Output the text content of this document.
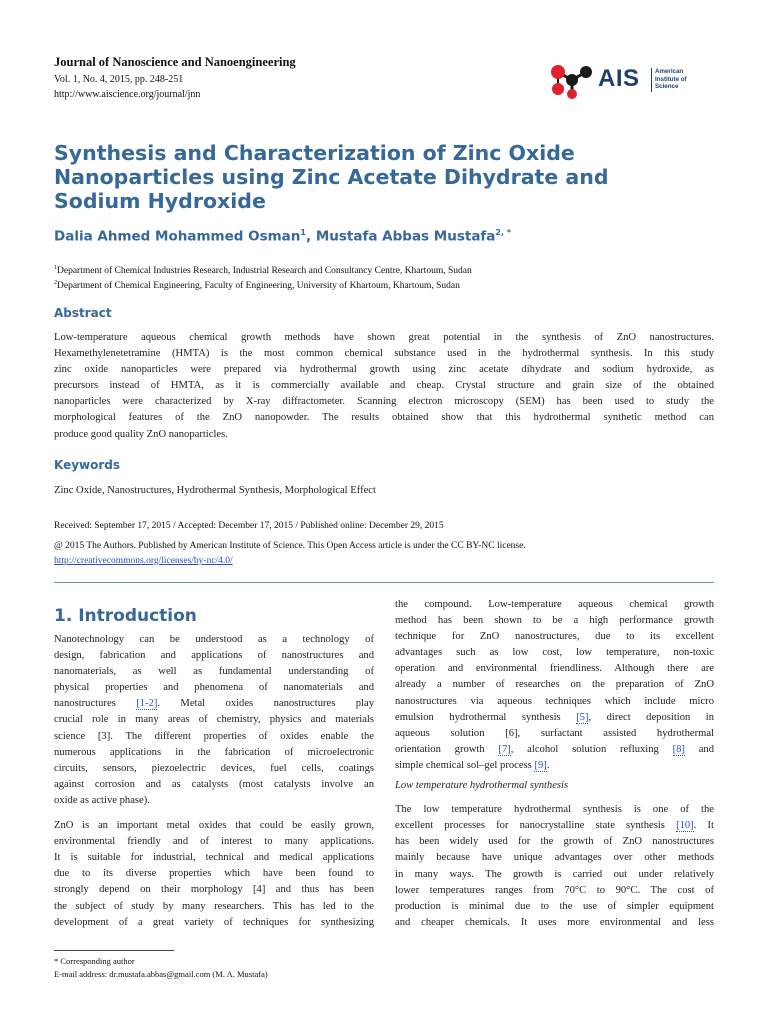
Journal of Nanoscience and Nanoengineering
Vol. 1, No. 4, 2015, pp. 248-251
http://www.aiscience.org/journal/jnn
AIS American
Institute of
Science
Synthesis and Characterization of Zinc Oxide
Nanoparticles using Zinc Acetate Dihydrate and
Sodium Hydroxide
Dalia Ahmed Mohammed Osman$^1$, Mustafa Abbas Mustafa$^{2, *}$
$^1$Department of Chemical Industries Research, Industrial Research and Consultancy Centre, Khartoum, Sudan
$^2$Department of Chemical Engineering, Faculty of Engineering, University of Khartoum, Khartoum, Sudan
Abstract
Low-temperature aqueous chemical growth methods have shown great potential in the synthesis of ZnO nanostructures.
Hexamethylenetetramine (HMTA) is the most common chemical substance used in the hydrothermal synthesis. In this study
zinc oxide nanoparticles were prepared via hydrothermal growth using zinc acetate dihydrate and sodium hydroxide, as
precursors instead of HMTA, as it is commercially available and cheap. Crystal structure and grain size of the obtained
nanoparticles were characterized by X-ray diffractometer. Scanning electron microscopy (SEM) has been used to study the
morphological features of the ZnO nanopowder. The results obtained show that this hydrothermal synthetic method can
produce good quality ZnO nanoparticles.
Keywords
Zinc Oxide, Nanostructures, Hydrothermal Synthesis, Morphological Effect
Received: September 17, 2015 / Accepted: December 17, 2015 / Published online: December 29, 2015
@ 2015 The Authors. Published by American Institute of Science. This Open Access article is under the CC BY-NC license.
http://creativecommons.org/licenses/by-nc/4.0/
1. Introduction
Nanotechnology can be understood as a technology of
design, fabrication and applications of nanostructures and
nanomaterials, as well as fundamental understanding of
physical properties and phenomena of nanomaterials and
nanostructures [1-2]. Metal oxides nanostructures play
crucial role in many areas of chemistry, physics and materials
science [3]. The different properties of oxides enable the
numerous applications in the fabrication of microelectronic
circuits, sensors, piezoelectric devices, fuel cells, coatings
against corrosion and as catalysts (most catalysts involve an
oxide as active phase).
ZnO is an important metal oxides that could be easily grown,
environmental friendly and of interest to many applications.
It is suitable for industrial, technical and medical applications
due to its diverse properties which have been found to
strongly depend on their morphology [4] and thus has been
the subject of study by many researchers. This has led to the
development of a great variety of techniques for synthesizing
the compound. Low-temperature aqueous chemical growth
method has been shown to be a high performance growth
technique for ZnO nanostructures, due to its excellent
advantages such as low cost, low temperature, non-toxic
operation and environmental friendliness. Although there are
already a number of researches on the preparation of ZnO
nanostructures via aqueous techniques which include micro
emulsion hydrothermal synthesis [5], direct deposition in
aqueous solution [6], surfactant assisted hydrothermal
orientation growth [7], alcohol solution refluxing [8] and
simple chemical sol–gel process [9].
Low temperature hydrothermal synthesis
The low temperature hydrothermal synthesis is one of the
excellent processes for nanocrystalline state synthesis [10]. It
has been widely used for the growth of ZnO nanostructures
mainly because have unique advantages over other methods
in many ways. The growth is carried out under relatively
lower temperatures ranges from 70°C to 90°C. The cost of
production is minimal due to the use of simpler equipment
and cheaper chemicals. It uses more environmental and less
* Corresponding author
E-mail address: dr.mustafa.abbas@gmail.com (M. A. Mustafa)
